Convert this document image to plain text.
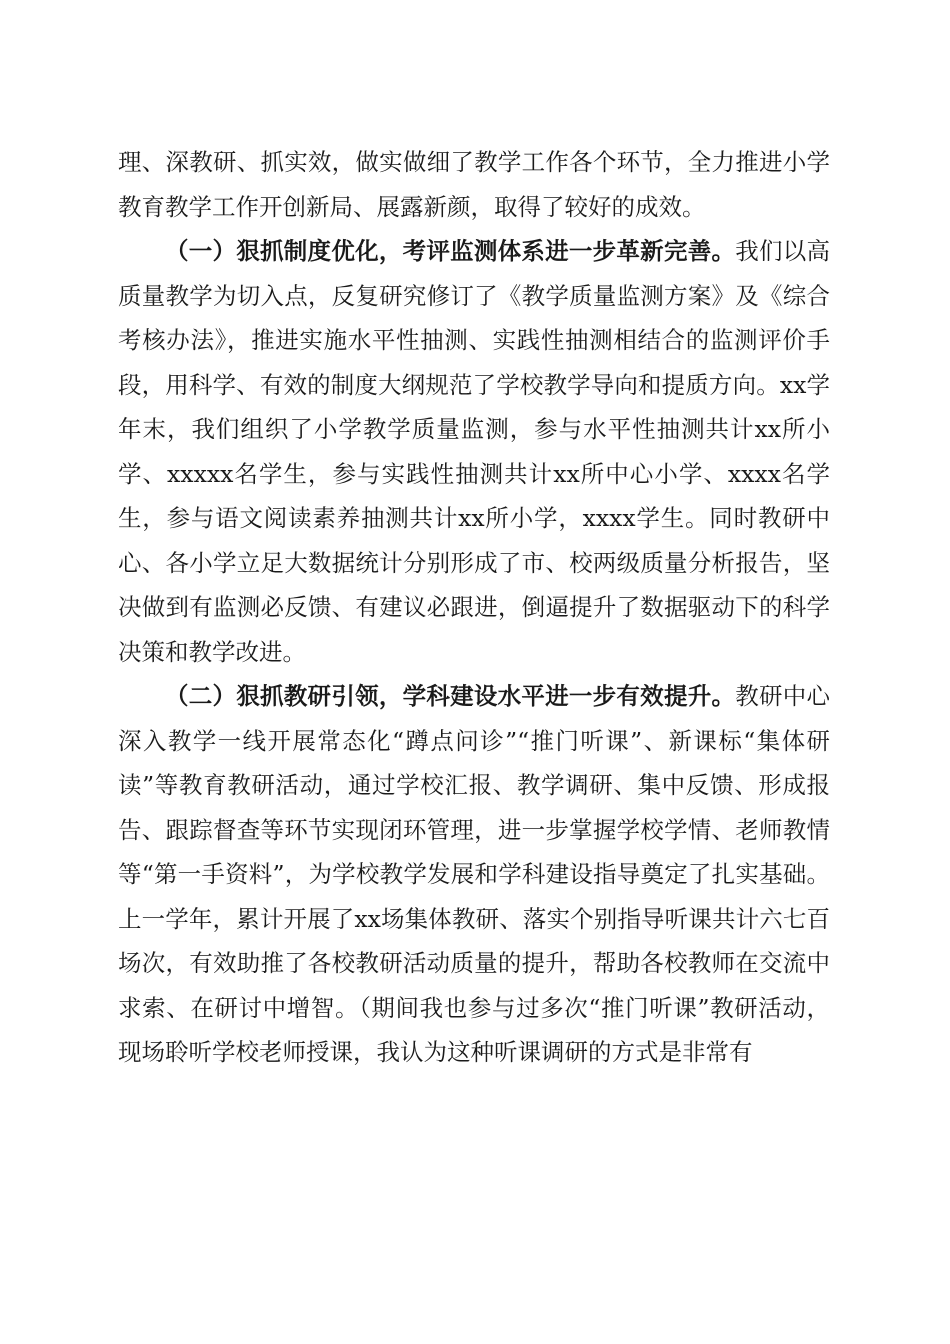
理、深教研、抓实效，做实做细了教学工作各个环节，全力推进小学教育教学工作开创新局、展露新颜，取得了较好的成效。

（一）狠抓制度优化，考评监测体系进一步革新完善。我们以高质量教学为切入点，反复研究修订了《教学质量监测方案》及《综合考核办法》，推进实施水平性抽测、实践性抽测相结合的监测评价手段，用科学、有效的制度大纲规范了学校教学导向和提质方向。xx学年末，我们组织了小学教学质量监测，参与水平性抽测共计xx所小学、xxxxx名学生，参与实践性抽测共计xx所中心小学、xxxx名学生，参与语文阅读素养抽测共计xx所小学，xxxx学生。同时教研中心、各小学立足大数据统计分别形成了市、校两级质量分析报告，坚决做到有监测必反馈、有建议必跟进，倒逼提升了数据驱动下的科学决策和教学改进。

（二）狠抓教研引领，学科建设水平进一步有效提升。教研中心深入教学一线开展常态化“蹲点问诊”“推门听课”、新课标“集体研读”等教育教研活动，通过学校汇报、教学调研、集中反馈、形成报告、跟踪督查等环节实现闭环管理，进一步掌握学校学情、老师教情等“第一手资料”，为学校教学发展和学科建设指导奠定了扎实基础。上一学年，累计开展了xx场集体教研、落实个别指导听课共计六七百场次，有效助推了各校教研活动质量的提升，帮助各校教师在交流中求索、在研讨中增智。（期间我也参与过多次“推门听课”教研活动，现场聆听学校老师授课，我认为这种听课调研的方式是非常有
